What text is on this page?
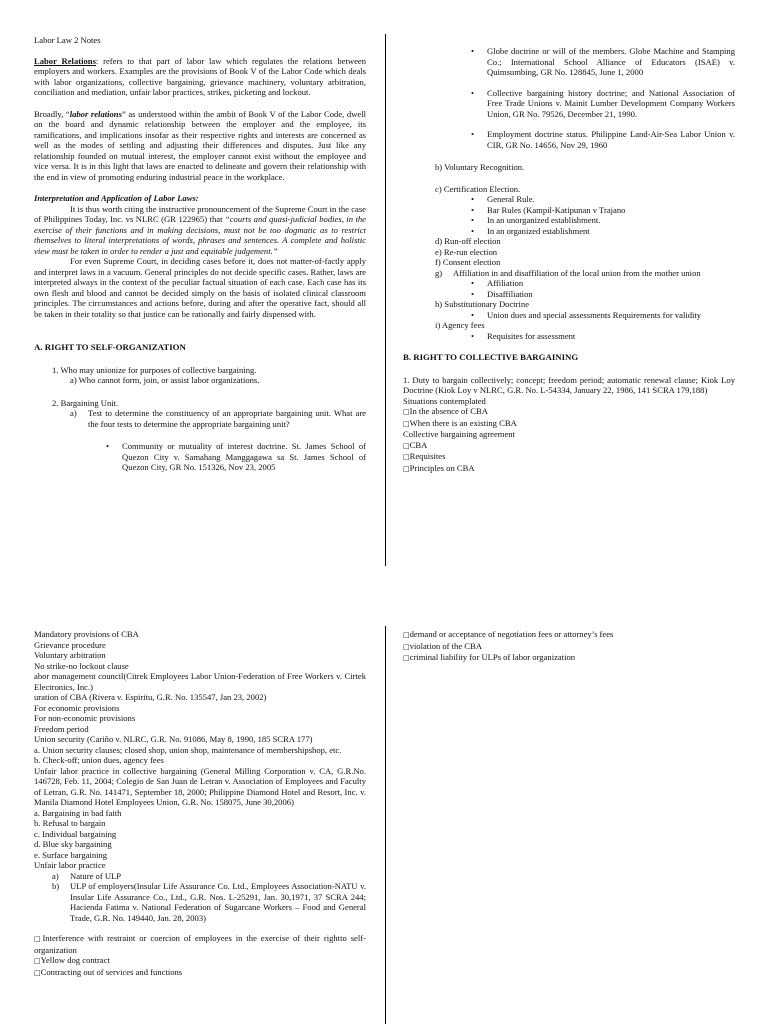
Labor Law 2 Notes

Labor Relations: refers to that part of labor law which regulates the relations between employers and workers. Examples are the provisions of Book V of the Labor Code which deals with labor organizations, collective bargaining, grievance machinery, voluntary arbitration, conciliation and mediation, unfair labor practices, strikes, picketing and lockout.

Broadly, “labor relations” as understood within the ambit of Book V of the Labor Code, dwell on the board and dynamic relationship between the employer and the employee, its ramifications, and implications insofar as their respective rights and interests are concerned as well as the modes of settling and adjusting their differences and disputes. Just like any relationship founded on mutual interest, the employer cannot exist without the employee and vice versa. It is in this light that laws are enacted to delineate and govern their relationship with the end in view of promoting enduring industrial peace in the workplace.

Interpretation and Application of Labor Laws:

It is thus worth citing the instructive pronouncement of the Supreme Court in the case of Philippines Today, Inc. vs NLRC (GR 122965) that “courts and quasi-judicial bodies, in the exercise of their functions and in making decisions, must not be too dogmatic as to restrict themselves to literal interpretations of words, phrases and sentences. A complete and holistic view must be taken in order to render a just and equitable judgement.”

For even Supreme Court, in deciding cases before it, does not matter-of-factly apply and interpret laws in a vacuum. General principles do not decide specific cases. Rather, laws are interpreted always in the context of the peculiar factual situation of each case. Each case has its own flesh and blood and cannot be decided simply on the basis of isolated clinical classroom principles. The circumstances and actions before, during and after the operative fact, should all be taken in their totality so that justice can be rationally and fairly dispensed with.

A. RIGHT TO SELF-ORGANIZATION

1. Who may unionize for purposes of collective bargaining.

a) Who cannot form, join, or assist labor organizations.

2. Bargaining Unit.

a)	Test to determine the constituency of an appropriate bargaining unit. What are the four tests to determine the appropriate bargaining unit?
•	Community or mutuality of interest doctrine. St. James School of Quezon City v. Samahang Manggagawa sa St. James School of Quezon City, GR No. 151326, Nov 23, 2005
•	Globe doctrine or will of the members. Globe Machine and Stamping Co.; International School Alliance of Educators (ISAE) v. Quimsumbing, GR No. 128845, June 1, 2000
•	Collective bargaining history doctrine; and National Association of Free Trade Unions v. Mainit Lumber Development Company Workers Union, GR No. 79526, December 21, 1990.
•	Employment doctrine status. Philippine Land-Air-Sea Labor Union v. CIR, GR No. 14656, Nov 29, 1960

b) Voluntary Recognition.

c) Certification Election.

•	General Rule.
•	Bar Rules (Kampil-Katipunan v Trajano
•	In an unorganized establishment.
•	In an organized establishment

d) Run-off election

e) Re-run election

f) Consent election

g)	Affiliation in and disaffiliation of the local union from the mother union
•	Affiliation
•	Disaffiliation

h) Substitutionary Doctrine

•	Union dues and special assessments Requirements for validity

i) Agency fees

•	Requisites for assessment

B. RIGHT TO COLLECTIVE BARGAINING

1. Duty to bargain collectively; concept; freedom period; automatic renewal clause; Kiok Loy Doctrine (Kiok Loy v NLRC, G.R. No. L-54334, January 22, 1986, 141 SCRA 179,188)

Situations contemplated

□In the absence of CBA

□When there is an existing CBA

Collective bargaining agreement

□CBA

□Requisites

□Principles on CBA

Mandatory provisions of CBA

Grievance procedure

Voluntary arbitration

No strike-no lockout clause

abor management council(Citrek Employees Labor Union-Federation of Free Workers v. Cirtek Electronics, Inc.)

uration of CBA (Rivera v. Espiritu, G.R. No. 135547, Jan 23, 2002)

For economic provisions

For non-economic provisions

Freedom period

Union security (Cariño v. NLRC, G.R. No. 91086, May 8, 1990, 185 SCRA 177)

a. Union security clauses; closed shop, union shop, maintenance of membershipshop, etc.

b. Check-off; union dues, agency fees

Unfair labor practice in collective bargaining (General Milling Corporation v. CA, G.R.No. 146728, Feb. 11, 2004; Colegio de San Juan de Letran v. Association of Employees and Faculty of Letran, G.R. No. 141471, September 18, 2000; Philippine Diamond Hotel and Resort, Inc. v. Manila Diamond Hotel Employees Union, G.R. No. 158075, June 30,2006)

a. Bargaining in bad faith

b. Refusal to bargain

c. Individual bargaining

d. Blue sky bargaining

e. Surface bargaining

Unfair labor practice

a)	Nature of ULP
b)	ULP of employers(Insular Life Assurance Co. Ltd., Employees Association-NATU v. Insular Life Assurance Co., Ltd., G.R. Nos. L-25291, Jan. 30,1971, 37 SCRA 244; Hacienda Fatima v. National Federation of Sugarcane Workers – Food and General Trade, G.R. No. 149440, Jan. 28, 2003)

□Interference with restraint or coercion of employees in the exercise of their rightto self-organization

□Yellow dog contract

□Contracting out of services and functions

□demand or acceptance of negotiation fees or attorney’s fees

□violation of the CBA

□criminal liability for ULPs of labor organization
